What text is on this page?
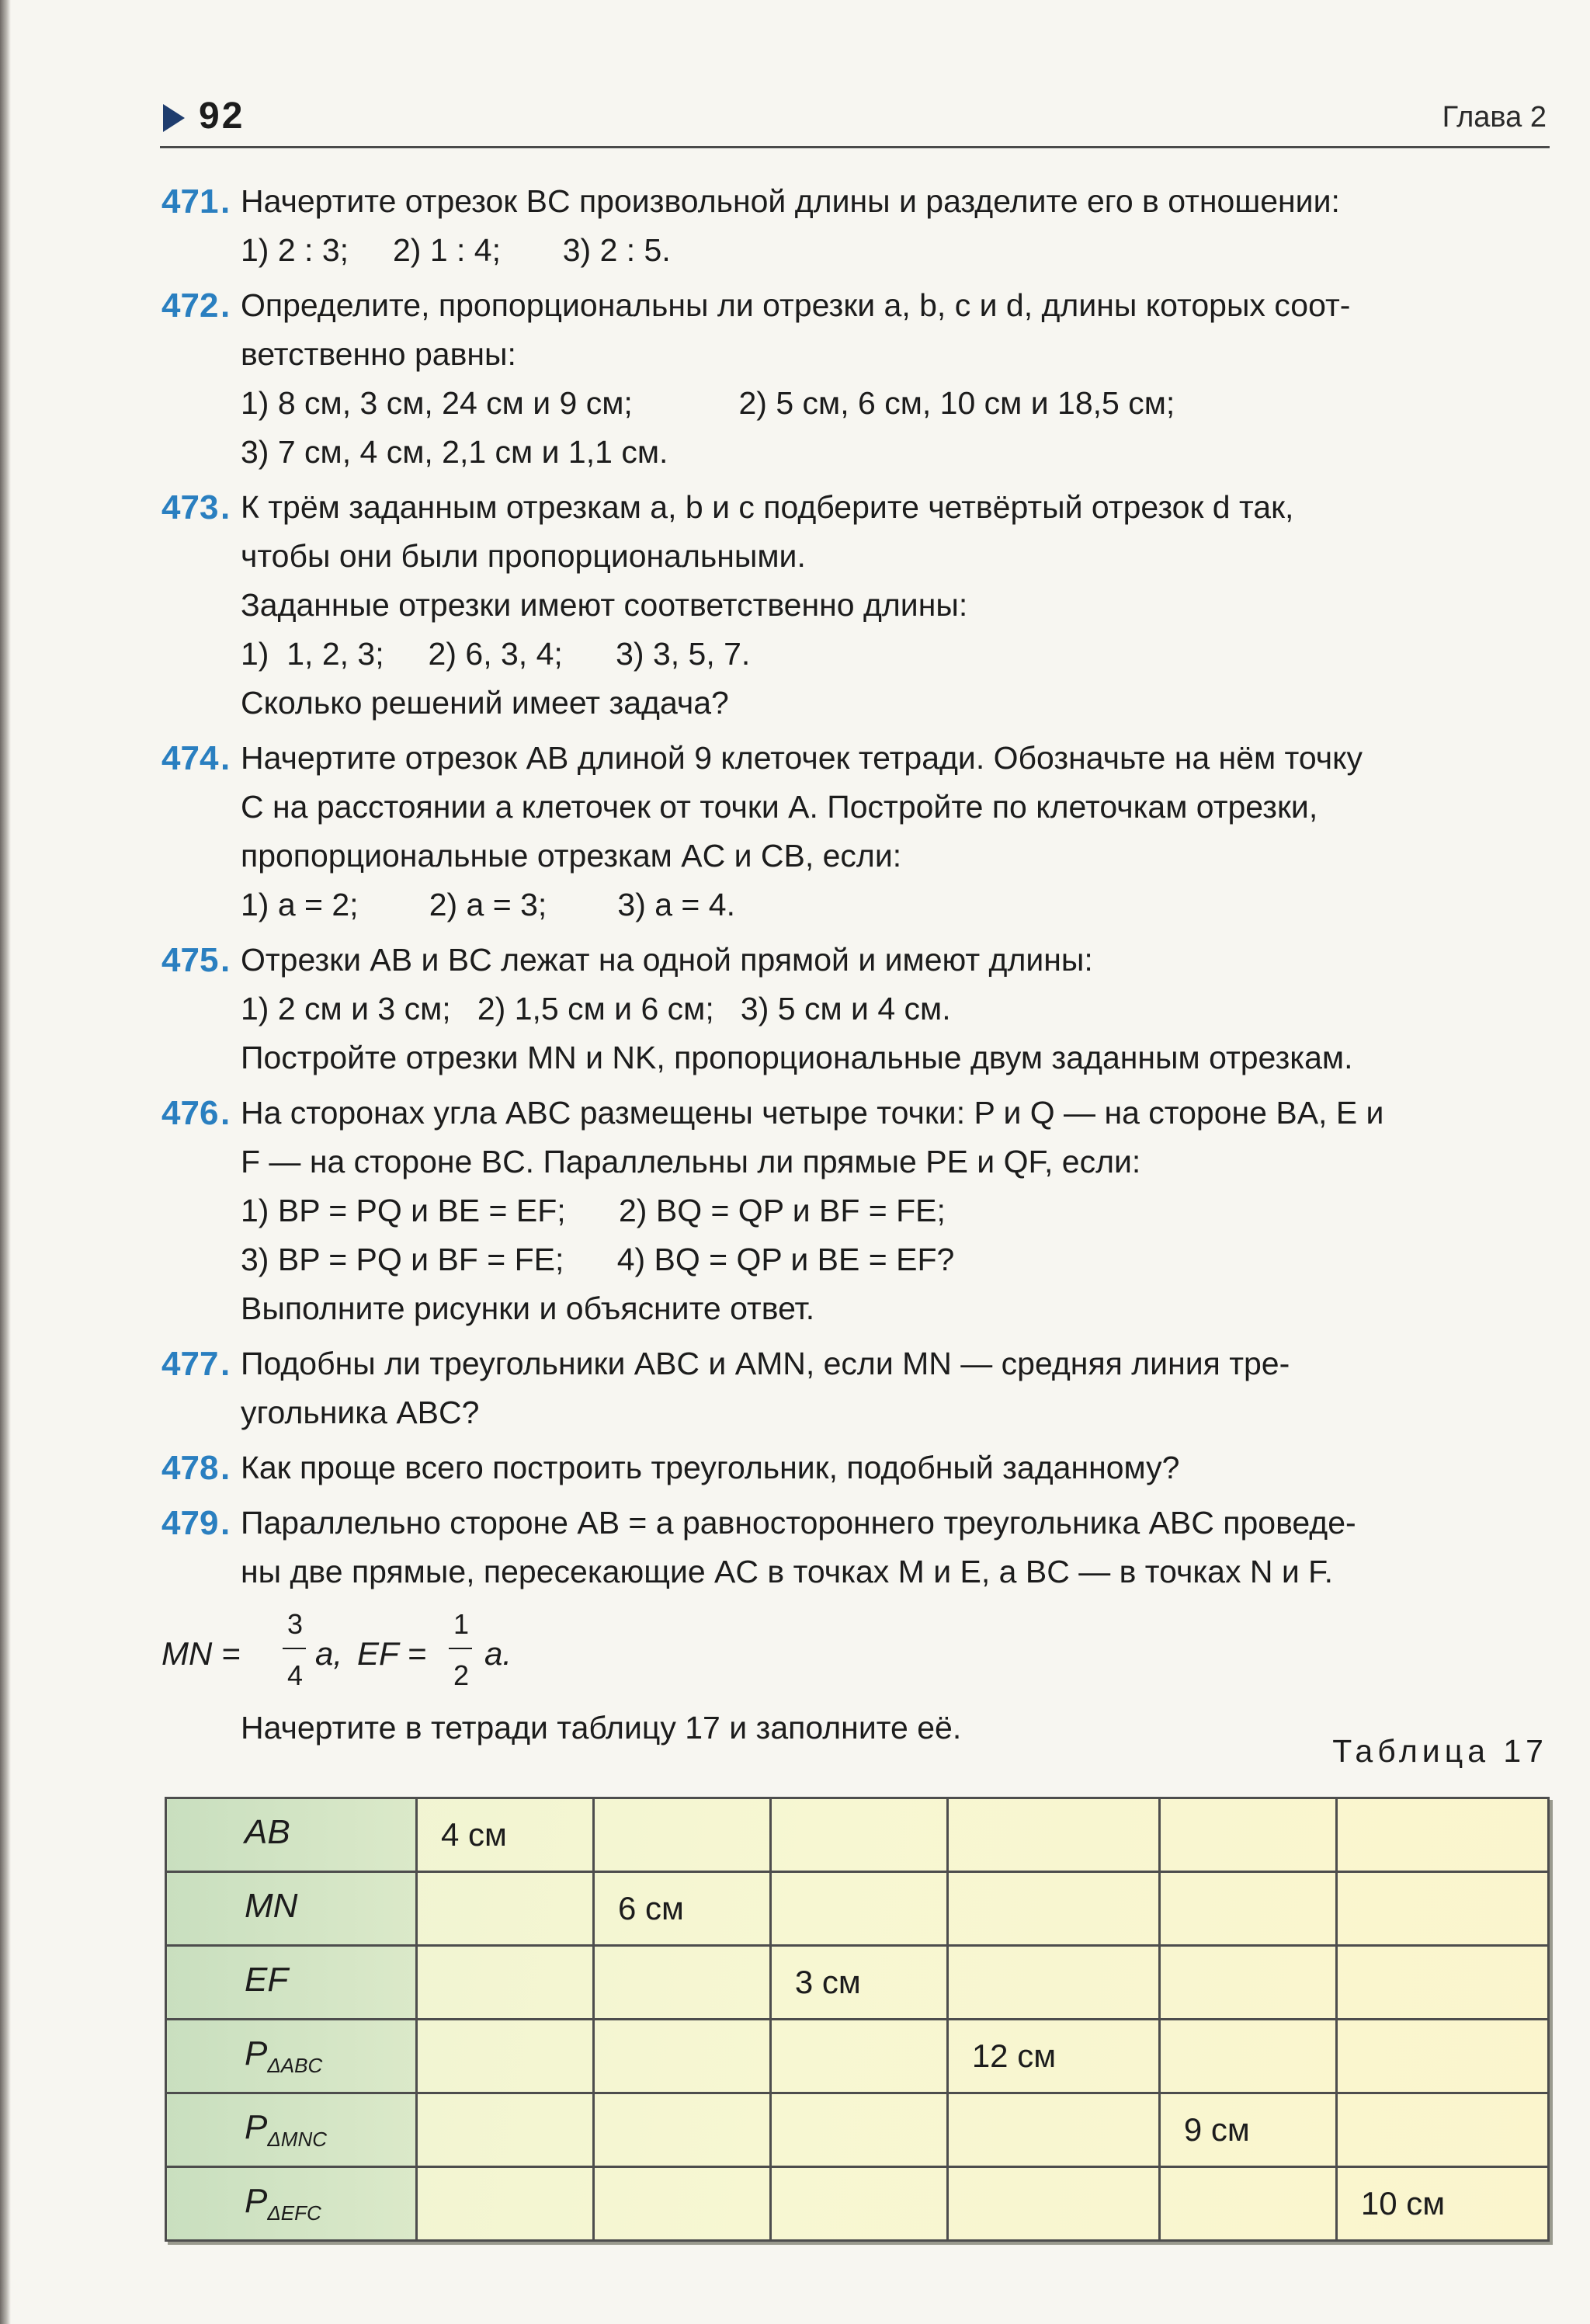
92	Глава 2
471 . Начертите отрезок BC произвольной длины и разделите его в отношении:
1) 2 : 3;     2) 1 : 4;       3) 2 : 5.
472 . Определите, пропорциональны ли отрезки a, b, c и d, длины которых соот-
ветственно равны:
1) 8 см, 3 см, 24 см и 9 см;            2) 5 см, 6 см, 10 см и 18,5 см;
3) 7 см, 4 см, 2,1 см и 1,1 см.
473 . К трём заданным отрезкам a, b и c подберите четвёртый отрезок d так,
чтобы они были пропорциональными.
Заданные отрезки имеют соответственно длины:
1)  1, 2, 3;     2) 6, 3, 4;      3) 3, 5, 7.
Сколько решений имеет задача?
474 . Начертите отрезок AB длиной 9 клеточек тетради. Обозначьте на нём точку
C на расстоянии a клеточек от точки A. Постройте по клеточкам отрезки,
пропорциональные отрезкам AC и CB, если:
1) a = 2;        2) a = 3;        3) a = 4.
475 . Отрезки AB и BC лежат на одной прямой и имеют длины:
1) 2 см и 3 см;   2) 1,5 см и 6 см;   3) 5 см и 4 см.
Постройте отрезки MN и NK, пропорциональные двум заданным отрезкам.
476 . На сторонах угла ABC размещены четыре точки: P и Q — на стороне BA, E и
F — на стороне BC. Параллельны ли прямые PE и QF, если:
1) BP = PQ и BE = EF;      2) BQ = QP и BF = FE;
3) BP = PQ и BF = FE;      4) BQ = QP и BE = EF?
Выполните рисунки и объясните ответ.
477 . Подобны ли треугольники ABC и AMN, если MN — средняя линия тре-
угольника ABC?
478 . Как проще всего построить треугольник, подобный заданному?
479 . Параллельно стороне AB = a равностороннего треугольника ABC проведе-
ны две прямые, пересекающие AC в точках M и E, а BC — в точках N и F.
MN =
3
4
a, EF =
1
2
a.
Начертите в тетради таблицу 17 и заполните её.
Таблица 17
AB	4 см					
MN		6 см				
EF			3 см			
$P_{\Delta ABC}$				12 см		
$P_{\Delta MNC}$					9 см	
$P_{\Delta EFC}$						10 см
